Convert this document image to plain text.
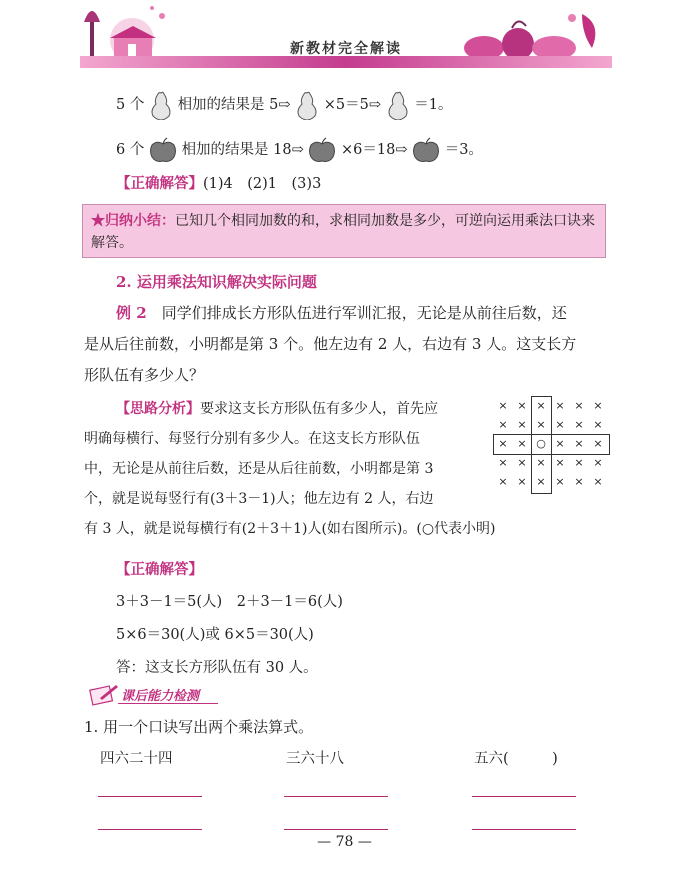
新教材完全解读
5 个 相加的结果是 5⇨ ×5＝5⇨ ＝1。
6 个	相加的结果是 18⇨	×6＝18⇨	＝3。
【正确解答】(1)4　(2)1　(3)3
★归纳小结：已知几个相同加数的和，求相同加数是多少，可逆向运用乘法口诀来解答。
2. 运用乘法知识解决实际问题
例 2　 同学们排成长方形队伍进行军训汇报，无论是从前往后数，还
是从后往前数，小明都是第 3 个。他左边有 2 人，右边有 3 人。这支长方
形队伍有多少人？
【思路分析】要求这支长方形队伍有多少人，首先应
明确每横行、每竖行分别有多少人。在这支长方形队伍
中，无论是从前往后数，还是从后往前数，小明都是第 3
个，就是说每竖行有(3＋3－1)人；他左边有 2 人，右边
有 3 人，就是说每横行有(2＋3＋1)人(如右图所示)。(○代表小明)
× × × × × ×
× × × × × ×
× × ○ × × ×
× × × × × ×
× × × × × ×
【正确解答】
3＋3－1＝5(人)　2＋3－1＝6(人)
5×6＝30(人)或 6×5＝30(人)
答：这支长方形队伍有 30 人。
课后能力检测
1. 用一个口诀写出两个乘法算式。
四六二十四	三六十八	五六(　　　)
— 78 —
